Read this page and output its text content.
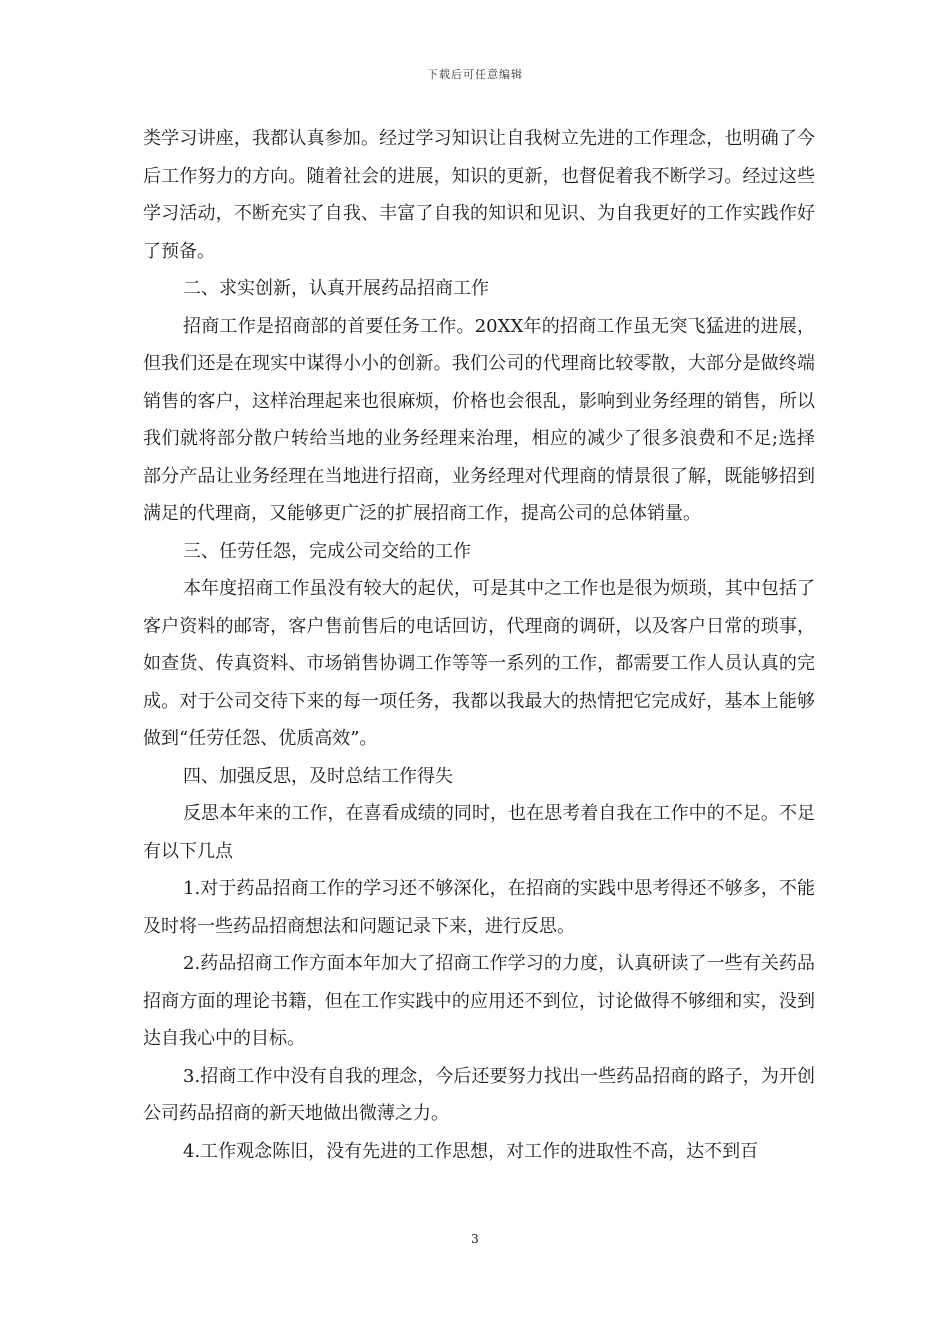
下载后可任意编辑

类学习讲座，我都认真参加。经过学习知识让自我树立先进的工作理念，也明确了今后工作努力的方向。随着社会的进展，知识的更新，也督促着我不断学习。经过这些学习活动，不断充实了自我、丰富了自我的知识和见识、为自我更好的工作实践作好了预备。

二、求实创新，认真开展药品招商工作

招商工作是招商部的首要任务工作。20XX年的招商工作虽无突飞猛进的进展，但我们还是在现实中谋得小小的创新。我们公司的代理商比较零散，大部分是做终端销售的客户，这样治理起来也很麻烦，价格也会很乱，影响到业务经理的销售，所以我们就将部分散户转给当地的业务经理来治理，相应的减少了很多浪费和不足;选择部分产品让业务经理在当地进行招商，业务经理对代理商的情景很了解，既能够招到满足的代理商，又能够更广泛的扩展招商工作，提高公司的总体销量。

三、任劳任怨，完成公司交给的工作

本年度招商工作虽没有较大的起伏，可是其中之工作也是很为烦琐，其中包括了客户资料的邮寄，客户售前售后的电话回访，代理商的调研，以及客户日常的琐事，如查货、传真资料、市场销售协调工作等等一系列的工作，都需要工作人员认真的完成。对于公司交待下来的每一项任务，我都以我最大的热情把它完成好，基本上能够做到“任劳任怨、优质高效”。

四、加强反思，及时总结工作得失

反思本年来的工作，在喜看成绩的同时，也在思考着自我在工作中的不足。不足有以下几点

1.对于药品招商工作的学习还不够深化，在招商的实践中思考得还不够多，不能及时将一些药品招商想法和问题记录下来，进行反思。

2.药品招商工作方面本年加大了招商工作学习的力度，认真研读了一些有关药品招商方面的理论书籍，但在工作实践中的应用还不到位，讨论做得不够细和实，没到达自我心中的目标。

3.招商工作中没有自我的理念，今后还要努力找出一些药品招商的路子，为开创公司药品招商的新天地做出微薄之力。

4.工作观念陈旧，没有先进的工作思想，对工作的进取性不高，达不到百

3
